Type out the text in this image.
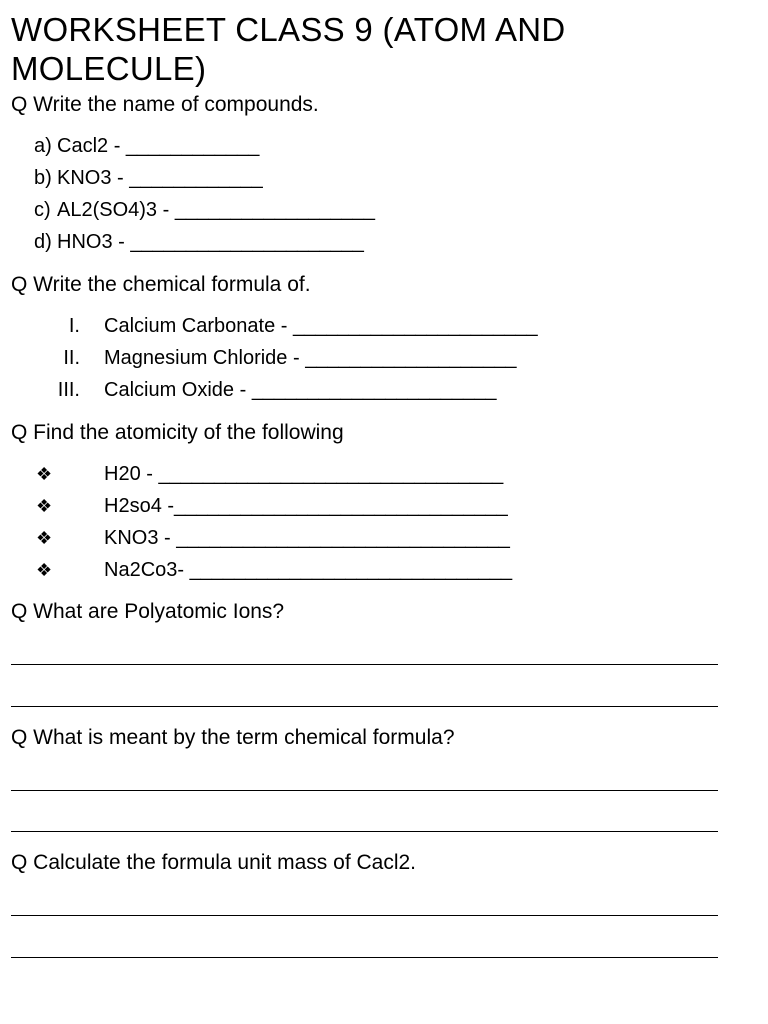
WORKSHEET CLASS 9 (ATOM AND MOLECULE)
Q Write the name of compounds.
a) Cacl2 - ____________
b) KNO3 - ____________
c) AL2(SO4)3 - __________________
d) HNO3 - _____________________
Q Write the chemical formula of.
I. Calcium Carbonate - ______________________
II. Magnesium Chloride - ___________________
III. Calcium Oxide - ______________________
Q Find the atomicity of the following
❖	H20 - _______________________________
❖	H2so4 -______________________________
❖	KNO3 - ______________________________
❖	Na2Co3- _____________________________
Q What are Polyatomic Ions?
Q What is meant by the term chemical formula?
Q Calculate the formula unit mass of Cacl2.
